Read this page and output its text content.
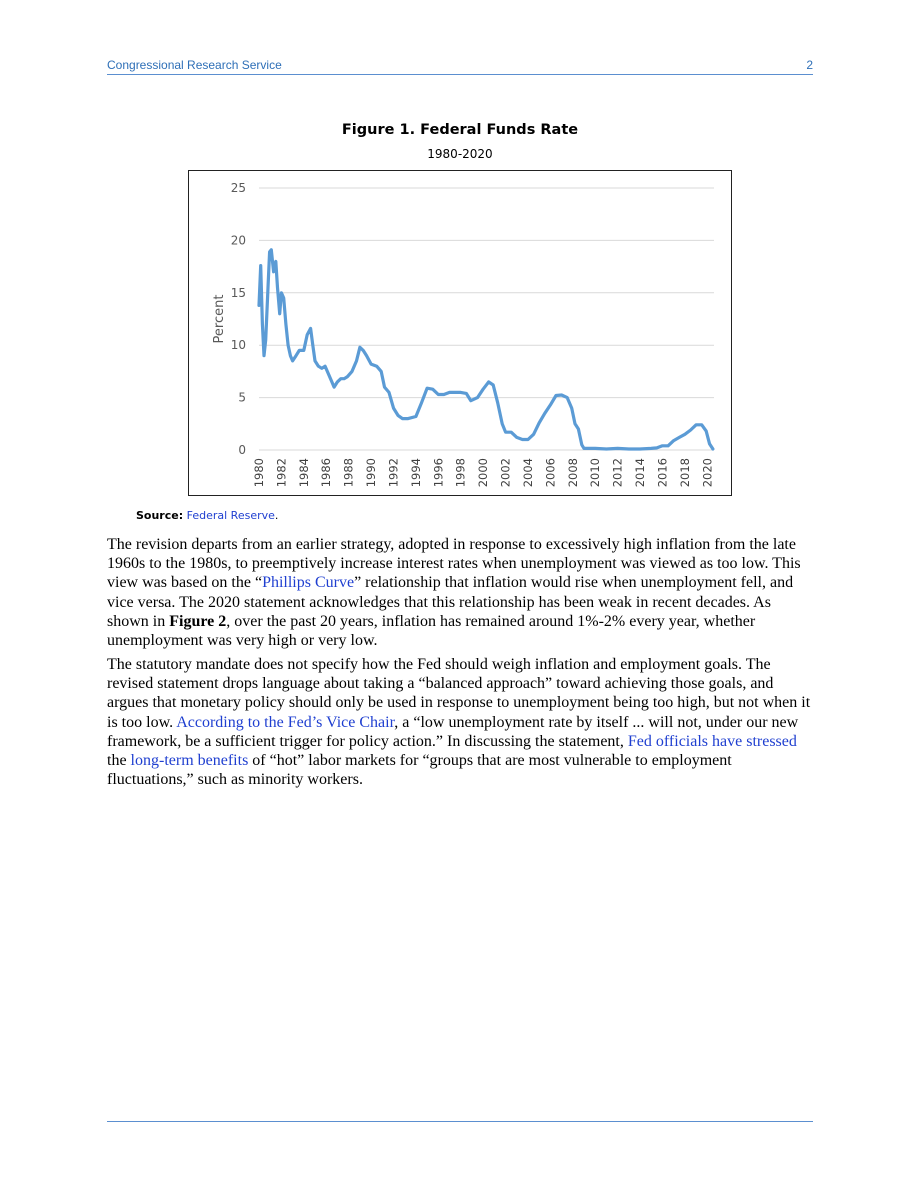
Congressional Research Service	2
Figure 1. Federal Funds Rate
1980-2020
0
5
10
15
20
25
Percent
1980 1982 1984 1986 1988 1990 1992 1994 1996 1998 2000 2002 2004 2006 2008 2010 2012 2014 2016 2018 2020
Source: Federal Reserve.

The revision departs from an earlier strategy, adopted in response to excessively high inflation from the late 1960s to the 1980s, to preemptively increase interest rates when unemployment was viewed as too low. This view was based on the “Phillips Curve” relationship that inflation would rise when unemployment fell, and vice versa. The 2020 statement acknowledges that this relationship has been weak in recent decades. As shown in Figure 2, over the past 20 years, inflation has remained around 1%-2% every year, whether unemployment was very high or very low.

The statutory mandate does not specify how the Fed should weigh inflation and employment goals. The revised statement drops language about taking a “balanced approach” toward achieving those goals, and argues that monetary policy should only be used in response to unemployment being too high, but not when it is too low. According to the Fed’s Vice Chair, a “low unemployment rate by itself ... will not, under our new framework, be a sufficient trigger for policy action.” In discussing the statement, Fed officials have stressed the long-term benefits of “hot” labor markets for “groups that are most vulnerable to employment fluctuations,” such as minority workers.
